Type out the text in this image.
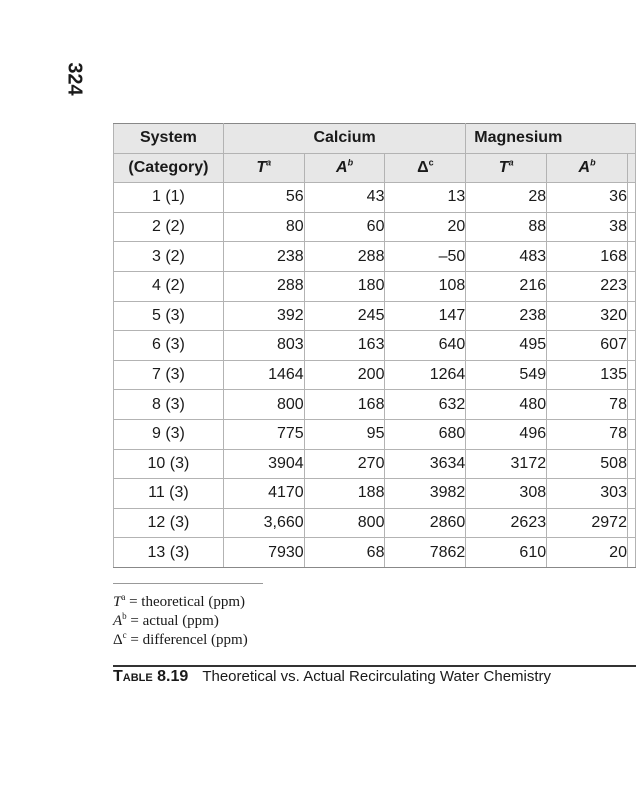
324
System	Calcium			Magnesium		
(Category)	$T^a$	$A^b$	$\Delta^c$	$T^a$	$A^b$	
1 (1)	56	43	13	28	36	
2 (2)	80	60	20	88	38	
3 (2)	238	288	–50	483	168	
4 (2)	288	180	108	216	223	
5 (3)	392	245	147	238	320	
6 (3)	803	163	640	495	607	
7 (3)	1464	200	1264	549	135	
8 (3)	800	168	632	480	78	
9 (3)	775	95	680	496	78	
10 (3)	3904	270	3634	3172	508	
11 (3)	4170	188	3982	308	303	
12 (3)	3,660	800	2860	2623	2972	
13 (3)	7930	68	7862	610	20	
$T^a$ = theoretical (ppm)
$A^b$ = actual (ppm)
$\Delta^c$ = differencel (ppm)
Table 8.19 Theoretical vs. Actual Recirculating Water Chemistry
